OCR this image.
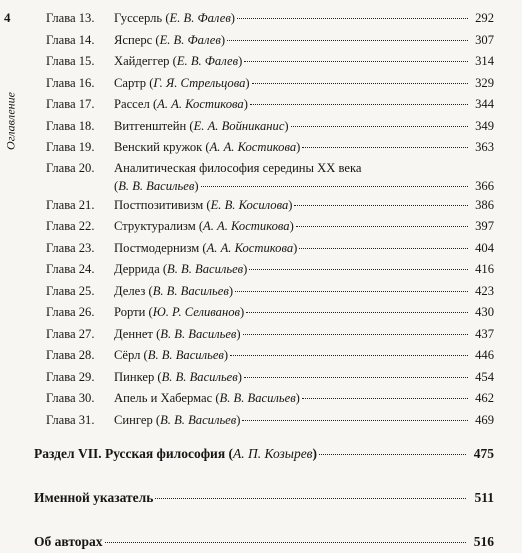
4
Оглавление
Глава 13.	Гуссерль (Е. В. Фалев)	292
Глава 14.	Ясперс (Е. В. Фалев)	307
Глава 15.	Хайдеггер (Е. В. Фалев)	314
Глава 16.	Сартр (Г. Я. Стрельцова)	329
Глава 17.	Рассел (А. А. Костикова)	344
Глава 18.	Витгенштейн (Е. А. Войниканис)	349
Глава 19.	Венский кружок (А. А. Костикова)	363
Глава 20.	Аналитическая философия середины XX века
(В. В. Васильев)	366
Глава 21.	Постпозитивизм (Е. В. Косилова)	386
Глава 22.	Структурализм (А. А. Костикова)	397
Глава 23.	Постмодернизм (А. А. Костикова)	404
Глава 24.	Деррида (В. В. Васильев)	416
Глава 25.	Делез (В. В. Васильев)	423
Глава 26.	Рорти (Ю. Р. Селиванов)	430
Глава 27.	Деннет (В. В. Васильев)	437
Глава 28.	Сёрл (В. В. Васильев)	446
Глава 29.	Пинкер (В. В. Васильев)	454
Глава 30.	Апель и Хабермас (В. В. Васильев)	462
Глава 31.	Сингер (В. В. Васильев)	469
Раздел VII. Русская философия (А. П. Козырев)	475
Именной указатель	511
Об авторах	516
